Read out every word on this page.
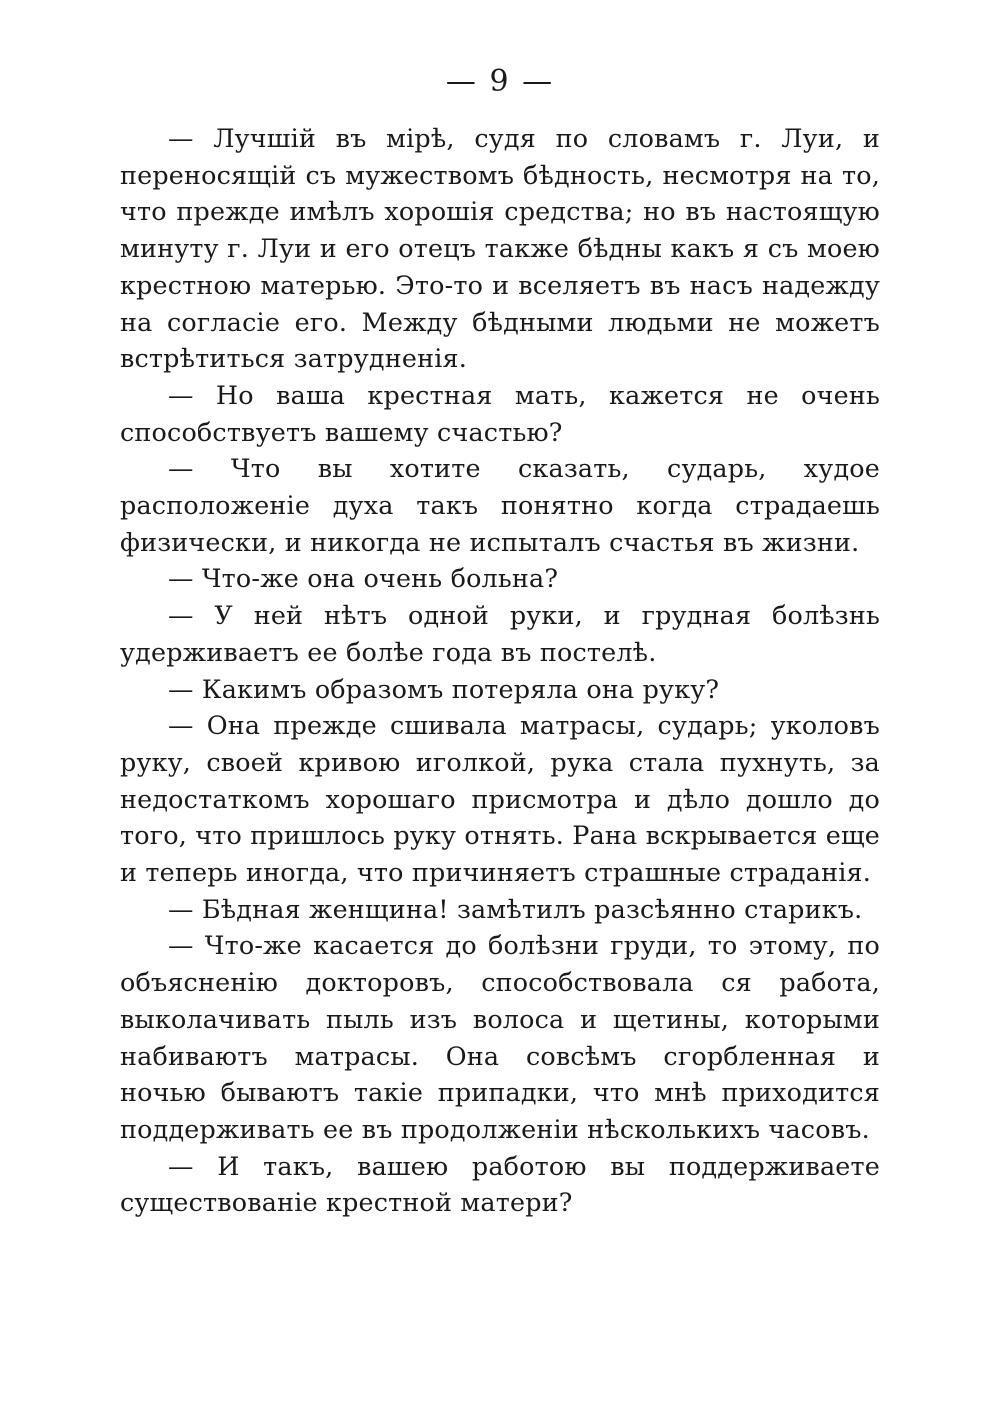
— 9 —

— Лучшій въ мірѣ, судя по словамъ г. Луи, и переносящій съ мужествомъ бѣдность, несмотря на то, что прежде имѣлъ хорошія средства; но въ настоящую минуту г. Луи и его отецъ также бѣдны какъ я съ моею крестною матерью. Это-то и вселяетъ въ насъ надежду на согласіе его. Между бѣдными людьми не можетъ встрѣтиться затрудненія.

— Но ваша крестная мать, кажется не очень способствуетъ вашему счастью?

— Что вы хотите сказать, сударь, худое расположеніе духа такъ понятно когда страдаешь физически, и никогда не испыталъ счастья въ жизни.

— Что-же она очень больна?

— У ней нѣтъ одной руки, и грудная болѣзнь удерживаетъ ее болѣе года въ постелѣ.

— Какимъ образомъ потеряла она руку?

— Она прежде сшивала матрасы, сударь; уколовъ руку, своей кривою иголкой, рука стала пухнуть, за недостаткомъ хорошаго присмотра и дѣло дошло до того, что пришлось руку отнять. Рана вскрывается еще и теперь иногда, что причиняетъ страшные страданія.

— Бѣдная женщина! замѣтилъ разсѣянно старикъ.

— Что-же касается до болѣзни груди, то этому, по объясненію докторовъ, способствовала ся работа, выколачивать пыль изъ волоса и щетины, которыми набиваютъ матрасы. Она совсѣмъ сгорбленная и ночью бываютъ такіе припадки, что мнѣ приходится поддерживать ее въ продолженіи нѣсколькихъ часовъ.

— И такъ, вашею работою вы поддерживаете существованіе крестной матери?
